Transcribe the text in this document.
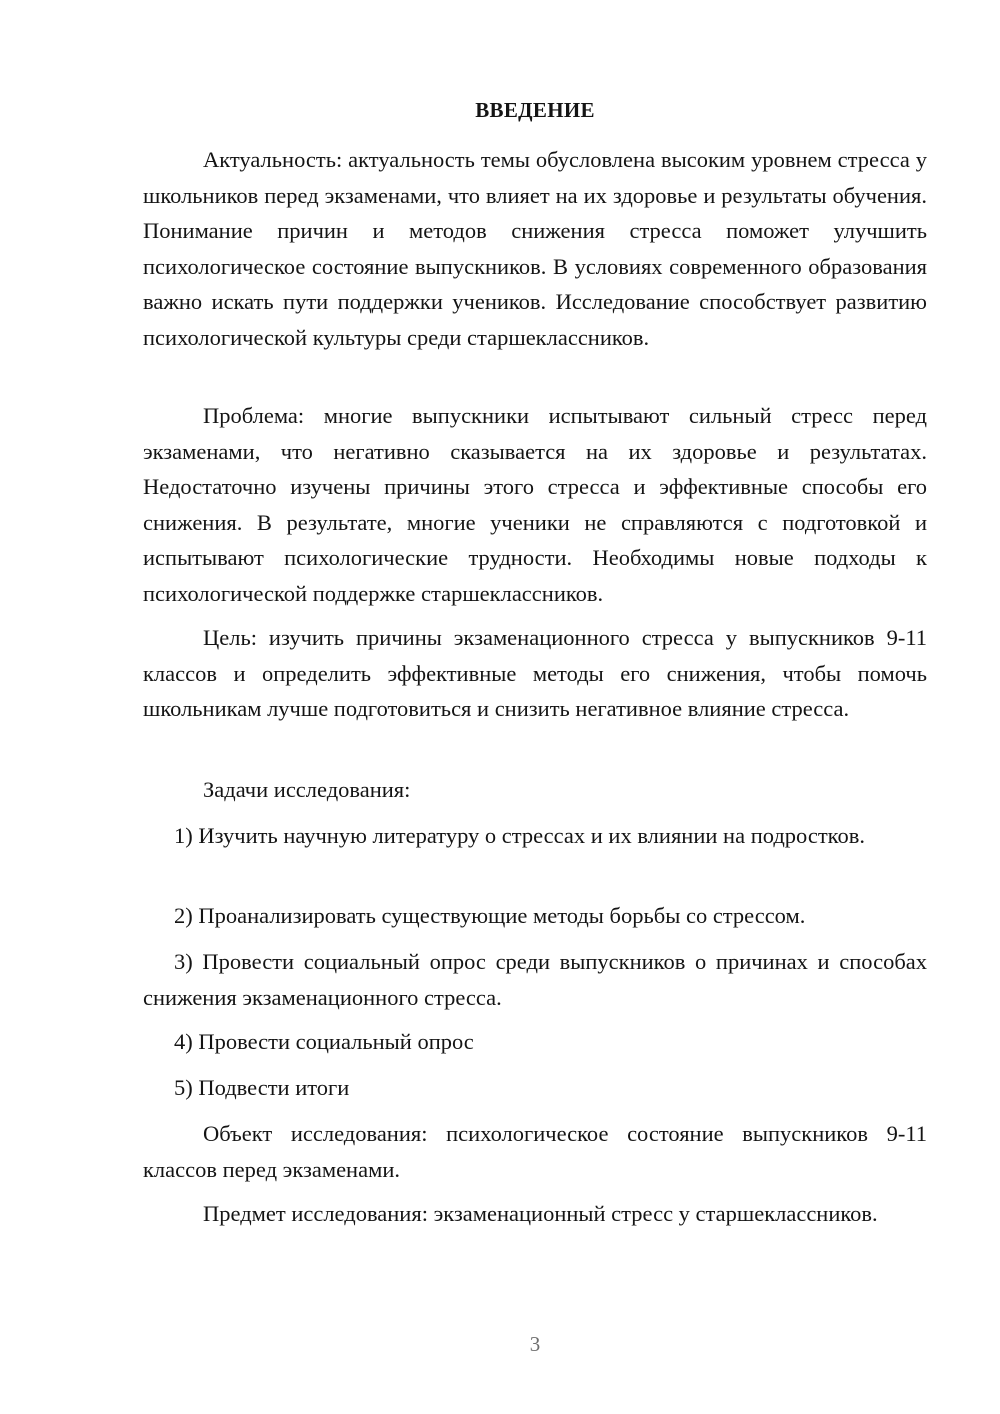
ВВЕДЕНИЕ

Актуальность: актуальность темы обусловлена высоким уровнем стресса у школьников перед экзаменами, что влияет на их здоровье и результаты обучения. Понимание причин и методов снижения стресса поможет улучшить психологическое состояние выпускников. В условиях современного образования важно искать пути поддержки учеников. Исследование способствует развитию психологической культуры среди старшеклассников.

Проблема: многие выпускники испытывают сильный стресс перед экзаменами, что негативно сказывается на их здоровье и результатах. Недостаточно изучены причины этого стресса и эффективные способы его снижения. В результате, многие ученики не справляются с подготовкой и испытывают психологические трудности. Необходимы новые подходы к психологической поддержке старшеклассников.

Цель: изучить причины экзаменационного стресса у выпускников 9-11 классов и определить эффективные методы его снижения, чтобы помочь школьникам лучше подготовиться и снизить негативное влияние стресса.

Задачи исследования:

1) Изучить научную литературу о стрессах и их влиянии на подростков.

2) Проанализировать существующие методы борьбы со стрессом.

3) Провести социальный опрос среди выпускников о причинах и способах снижения экзаменационного стресса.

4) Провести социальный опрос

5) Подвести итоги

Объект исследования: психологическое состояние выпускников 9-11 классов перед экзаменами.

Предмет исследования: экзаменационный стресс у старшеклассников.

3
